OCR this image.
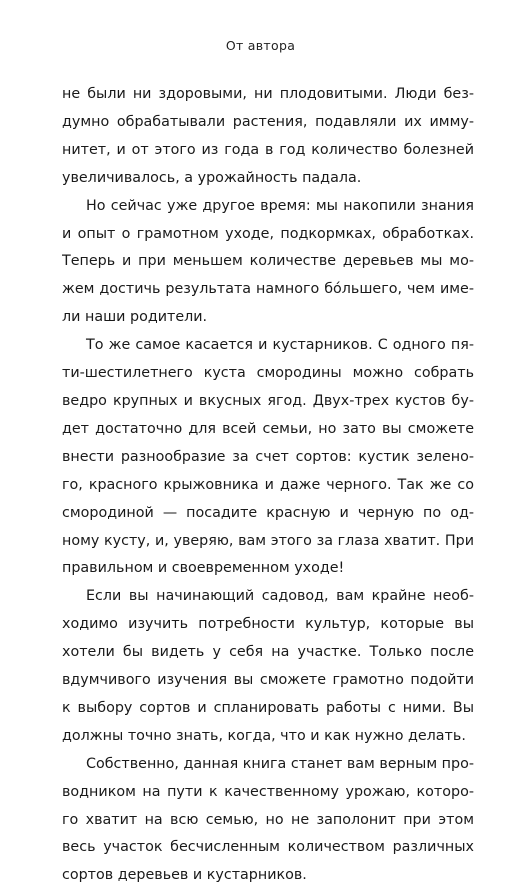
От автора
не были ни здоровыми, ни плодовитыми. Люди без-
думно обрабатывали растения, подавляли их имму-
нитет, и от этого из года в год количество болезней
увеличивалось, а урожайность падала.
Но сейчас уже другое время: мы накопили знания
и опыт о грамотном уходе, подкормках, обработках.
Теперь и при меньшем количестве деревьев мы мо-
жем достичь результата намного бо́льшего, чем име-
ли наши родители.
То же самое касается и кустарников. С одного пя-
ти-шестилетнего куста смородины можно собрать
ведро крупных и вкусных ягод. Двух-трех кустов бу-
дет достаточно для всей семьи, но зато вы сможете
внести разнообразие за счет сортов: кустик зелено-
го, красного крыжовника и даже черного. Так же со
смородиной — посадите красную и черную по од-
ному кусту, и, уверяю, вам этого за глаза хватит. При
правильном и своевременном уходе!
Если вы начинающий садовод, вам крайне необ-
ходимо изучить потребности культур, которые вы
хотели бы видеть у себя на участке. Только после
вдумчивого изучения вы сможете грамотно подойти
к выбору сортов и спланировать работы с ними. Вы
должны точно знать, когда, что и как нужно делать.
Собственно, данная книга станет вам верным про-
водником на пути к качественному урожаю, которо-
го хватит на всю семью, но не заполонит при этом
весь участок бесчисленным количеством различных
сортов деревьев и кустарников.
